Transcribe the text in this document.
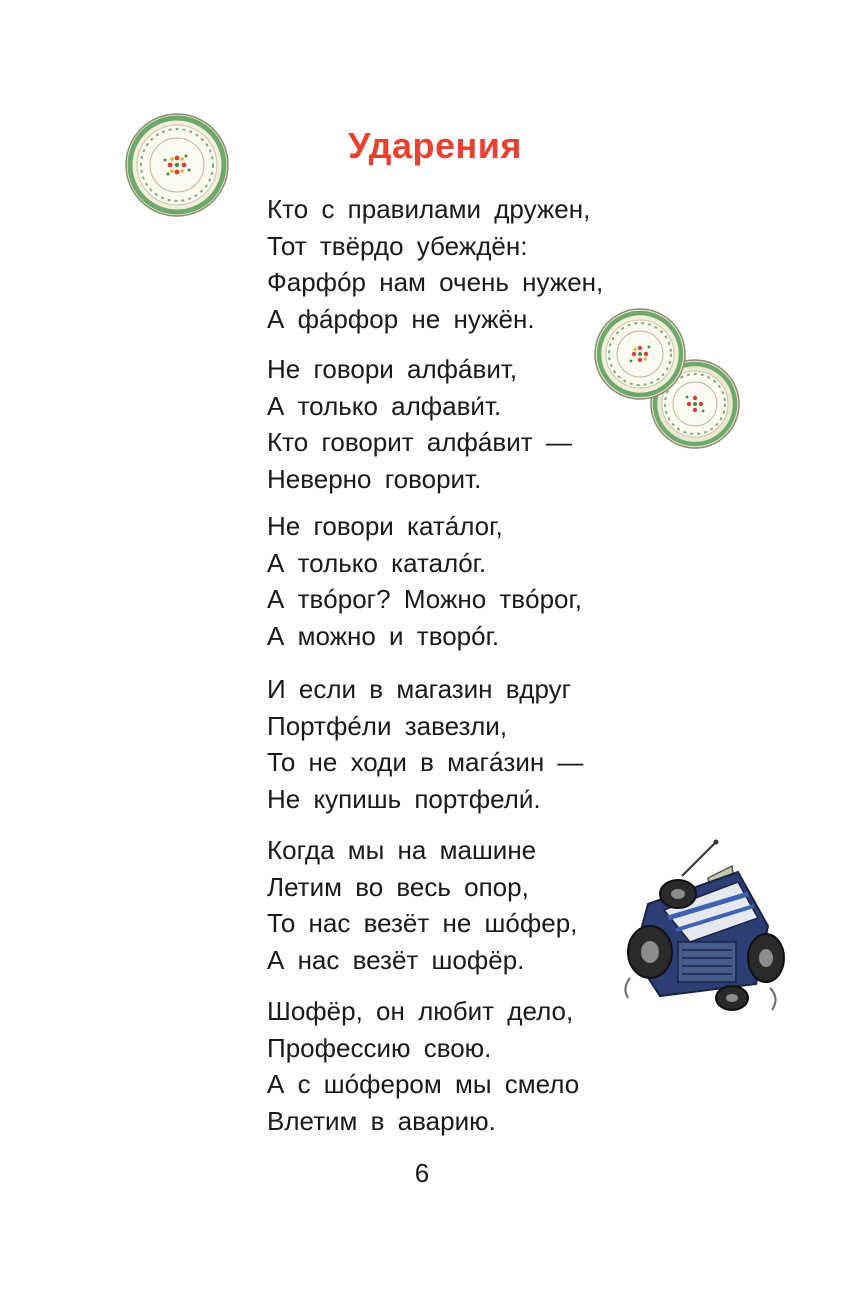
Ударения
Кто с правилами дружен,
Тот твёрдо убеждён:
Фарфóр нам очень нужен,
А фáрфор не нужён.
Не говори алфáвит,
А только алфави́т.
Кто говорит алфáвит —
Неверно говорит.
Не говори катáлог,
А только каталóг.
А твóрог? Можно твóрог,
А можно и творóг.
И если в магазин вдруг
Портфéли завезли,
То не ходи в магáзин —
Не купишь портфели́.
Когда мы на машине
Летим во весь опор,
То нас везёт не шóфер,
А нас везёт шофёр.
Шофёр, он любит дело,
Профессию свою.
А с шóфером мы смело
Влетим в аварию.
6
